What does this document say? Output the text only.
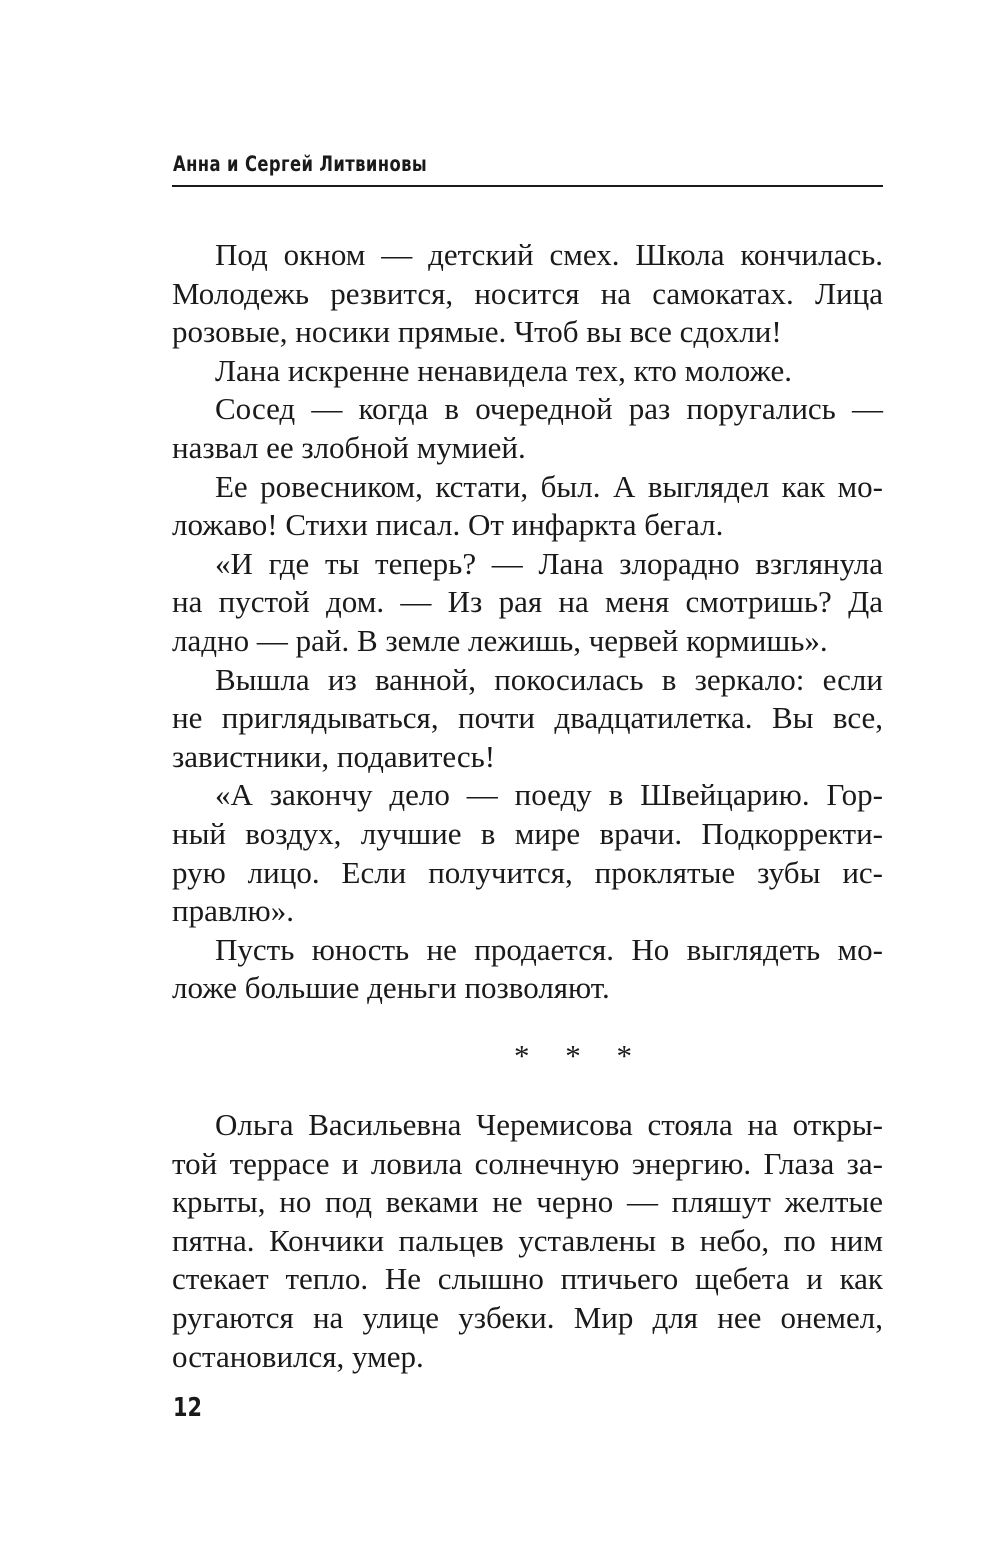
Анна и Сергей Литвиновы

Под окном — детский смех. Школа кончилась.
Молодежь резвится, носится на самокатах. Лица
розовые, носики прямые. Чтоб вы все сдохли!

Лана искренне ненавидела тех, кто моложе.

Сосед — когда в очередной раз поругались —
назвал ее злобной мумией.

Ее ровесником, кстати, был. А выглядел как мо-
ложаво! Стихи писал. От инфаркта бегал.

«И где ты теперь? — Лана злорадно взглянула
на пустой дом. — Из рая на меня смотришь? Да
ладно — рай. В земле лежишь, червей кормишь».

Вышла из ванной, покосилась в зеркало: если
не приглядываться, почти двадцатилетка. Вы все,
завистники, подавитесь!

«А закончу дело — поеду в Швейцарию. Гор-
ный воздух, лучшие в мире врачи. Подкорректи-
рую лицо. Если получится, проклятые зубы ис-
правлю».

Пусть юность не продается. Но выглядеть мо-
ложе большие деньги позволяют.

* * *

Ольга Васильевна Черемисова стояла на откры-
той террасе и ловила солнечную энергию. Глаза за-
крыты, но под веками не черно — пляшут желтые
пятна. Кончики пальцев уставлены в небо, по ним
стекает тепло. Не слышно птичьего щебета и как
ругаются на улице узбеки. Мир для нее онемел,
остановился, умер.

12
